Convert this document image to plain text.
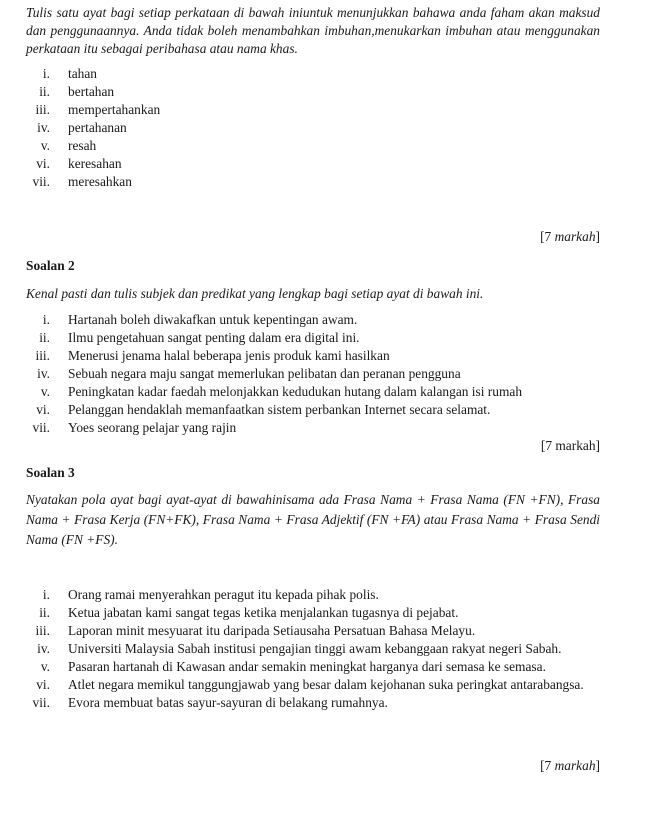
Tulis satu ayat bagi setiap perkataan di bawah iniuntuk menunjukkan bahawa anda faham akan maksud dan penggunaannya. Anda tidak boleh menambahkan imbuhan,menukarkan imbuhan atau menggunakan perkataan itu sebagai peribahasa atau nama khas.
i.	tahan
ii.	bertahan
iii.	mempertahankan
iv.	pertahanan
v.	resah
vi.	keresahan
vii.	meresahkan
[7 markah]
Soalan 2
Kenal pasti dan tulis subjek dan predikat yang lengkap bagi setiap ayat di bawah ini.
i.	Hartanah boleh diwakafkan untuk kepentingan awam.
ii.	Ilmu pengetahuan sangat penting dalam era digital ini.
iii.	Menerusi jenama halal beberapa jenis produk kami hasilkan
iv.	Sebuah negara maju sangat memerlukan pelibatan dan peranan pengguna
v.	Peningkatan kadar faedah melonjakkan kedudukan hutang dalam kalangan isi rumah
vi.	Pelanggan hendaklah memanfaatkan sistem perbankan Internet secara selamat.
vii.	Yoes seorang pelajar yang rajin
[7 markah]
Soalan 3
Nyatakan pola ayat bagi ayat-ayat di bawahinisama ada Frasa Nama + Frasa Nama (FN +FN), Frasa Nama + Frasa Kerja (FN+FK), Frasa Nama + Frasa Adjektif (FN +FA) atau Frasa Nama + Frasa Sendi Nama (FN +FS).
i.	Orang ramai menyerahkan peragut itu kepada pihak polis.
ii.	Ketua jabatan kami sangat tegas ketika menjalankan tugasnya di pejabat.
iii.	Laporan minit mesyuarat itu daripada Setiausaha Persatuan Bahasa Melayu.
iv.	Universiti Malaysia Sabah institusi pengajian tinggi awam kebanggaan rakyat negeri Sabah.
v.	Pasaran hartanah di Kawasan andar semakin meningkat harganya dari semasa ke semasa.
vi.	Atlet negara memikul tanggungjawab yang besar dalam kejohanan suka peringkat antarabangsa.
vii.	Evora membuat batas sayur-sayuran di belakang rumahnya.
[7 markah]
